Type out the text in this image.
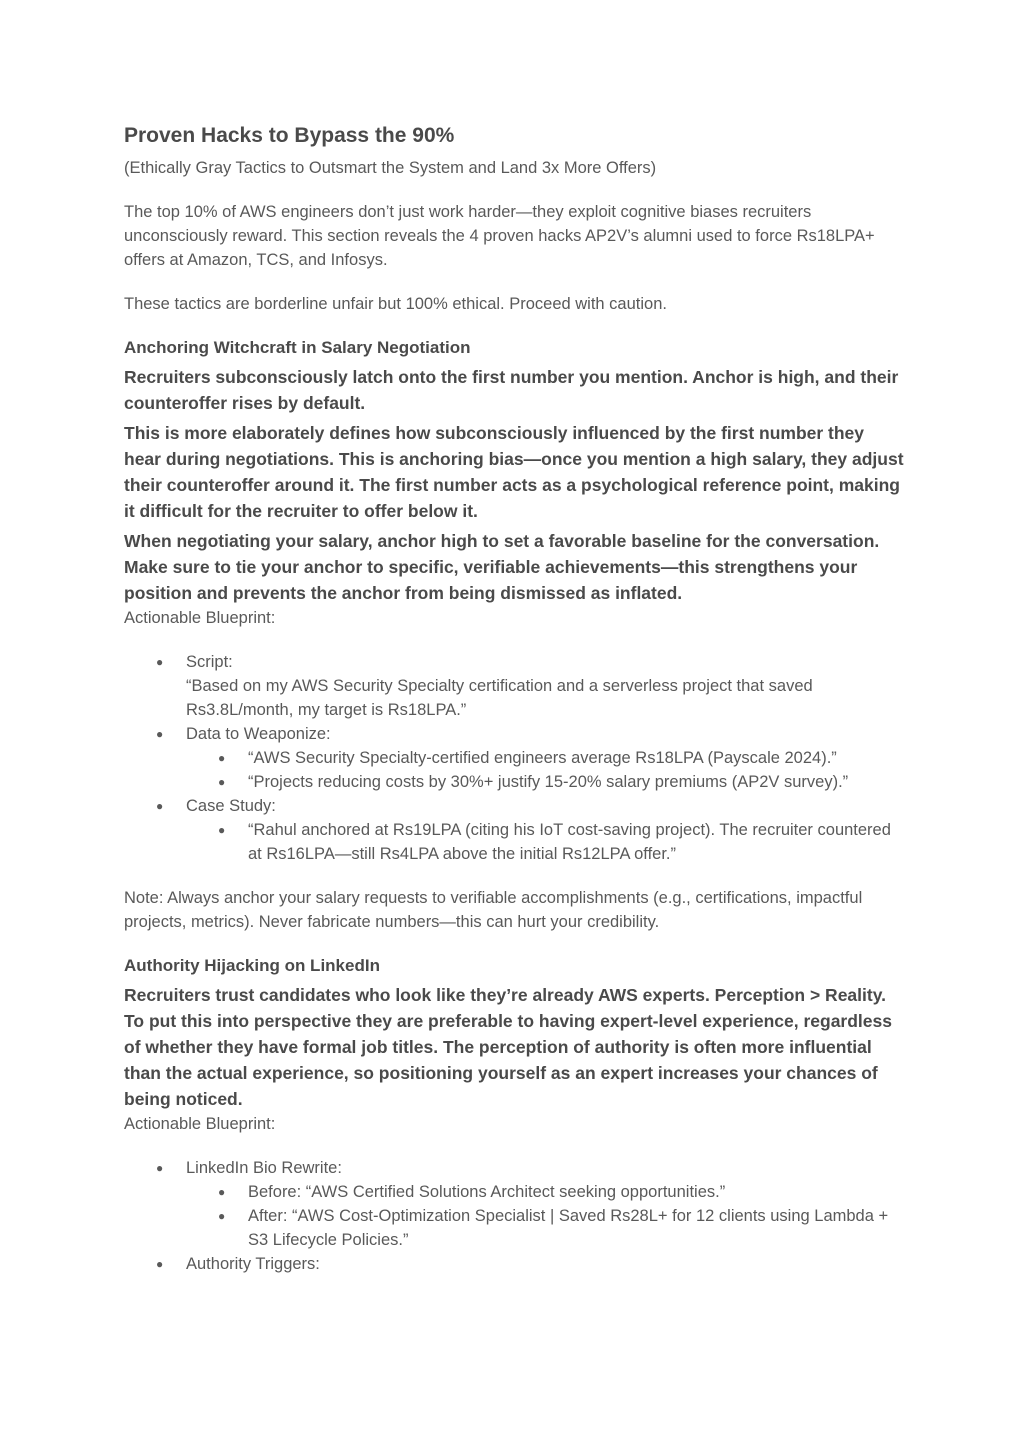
Proven Hacks to Bypass the 90%

(Ethically Gray Tactics to Outsmart the System and Land 3x More Offers)

The top 10% of AWS engineers don’t just work harder—they exploit cognitive biases recruiters unconsciously reward. This section reveals the 4 proven hacks AP2V’s alumni used to force Rs18LPA+ offers at Amazon, TCS, and Infosys.

These tactics are borderline unfair but 100% ethical. Proceed with caution.

Anchoring Witchcraft in Salary Negotiation

Recruiters subconsciously latch onto the first number you mention. Anchor is high, and their counteroffer rises by default.

This is more elaborately defines how subconsciously influenced by the first number they hear during negotiations. This is anchoring bias—once you mention a high salary, they adjust their counteroffer around it. The first number acts as a psychological reference point, making it difficult for the recruiter to offer below it.

When negotiating your salary, anchor high to set a favorable baseline for the conversation. Make sure to tie your anchor to specific, verifiable achievements—this strengthens your position and prevents the anchor from being dismissed as inflated.

Actionable Blueprint:

● Script:
“Based on my AWS Security Specialty certification and a serverless project that saved Rs3.8L/month, my target is Rs18LPA.”
● Data to Weaponize:
● “AWS Security Specialty-certified engineers average Rs18LPA (Payscale 2024).”
● “Projects reducing costs by 30%+ justify 15-20% salary premiums (AP2V survey).”
● Case Study:
● “Rahul anchored at Rs19LPA (citing his IoT cost-saving project). The recruiter countered at Rs16LPA—still Rs4LPA above the initial Rs12LPA offer.”

Note: Always anchor your salary requests to verifiable accomplishments (e.g., certifications, impactful projects, metrics). Never fabricate numbers—this can hurt your credibility.

Authority Hijacking on LinkedIn

Recruiters trust candidates who look like they’re already AWS experts. Perception > Reality. To put this into perspective they are preferable to having expert-level experience, regardless of whether they have formal job titles. The perception of authority is often more influential than the actual experience, so positioning yourself as an expert increases your chances of being noticed.

Actionable Blueprint:

● LinkedIn Bio Rewrite:
● Before: “AWS Certified Solutions Architect seeking opportunities.”
● After: “AWS Cost-Optimization Specialist | Saved Rs28L+ for 12 clients using Lambda + S3 Lifecycle Policies.”
● Authority Triggers:
